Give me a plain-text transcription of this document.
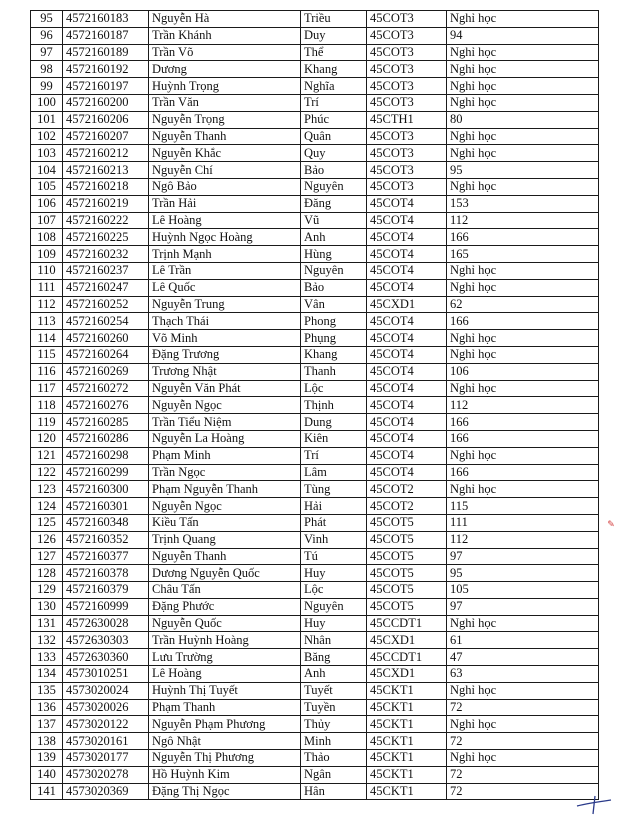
95	4572160183	Nguyễn Hà	Triều	45COT3	Nghỉ học
96	4572160187	Trần Khánh	Duy	45COT3	94
97	4572160189	Trần Võ	Thể	45COT3	Nghỉ học
98	4572160192	Dương	Khang	45COT3	Nghỉ học
99	4572160197	Huỳnh Trọng	Nghĩa	45COT3	Nghỉ học
100	4572160200	Trần Văn	Trí	45COT3	Nghỉ học
101	4572160206	Nguyễn Trọng	Phúc	45CTH1	80
102	4572160207	Nguyễn Thanh	Quân	45COT3	Nghỉ học
103	4572160212	Nguyễn Khắc	Quy	45COT3	Nghỉ học
104	4572160213	Nguyễn Chí	Bảo	45COT3	95
105	4572160218	Ngô Bảo	Nguyên	45COT3	Nghỉ học
106	4572160219	Trần Hải	Đăng	45COT4	153
107	4572160222	Lê Hoàng	Vũ	45COT4	112
108	4572160225	Huỳnh Ngọc Hoàng	Anh	45COT4	166
109	4572160232	Trịnh Mạnh	Hùng	45COT4	165
110	4572160237	Lê Trần	Nguyên	45COT4	Nghỉ học
111	4572160247	Lê Quốc	Bảo	45COT4	Nghỉ học
112	4572160252	Nguyễn Trung	Vân	45CXD1	62
113	4572160254	Thạch Thái	Phong	45COT4	166
114	4572160260	Võ Minh	Phụng	45COT4	Nghỉ học
115	4572160264	Đặng Trương	Khang	45COT4	Nghỉ học
116	4572160269	Trương Nhật	Thanh	45COT4	106
117	4572160272	Nguyễn Văn Phát	Lộc	45COT4	Nghỉ học
118	4572160276	Nguyễn Ngọc	Thịnh	45COT4	112
119	4572160285	Trần Tiểu Niệm	Dung	45COT4	166
120	4572160286	Nguyễn La Hoàng	Kiên	45COT4	166
121	4572160298	Phạm Minh	Trí	45COT4	Nghỉ học
122	4572160299	Trần Ngọc	Lâm	45COT4	166
123	4572160300	Phạm Nguyễn Thanh	Tùng	45COT2	Nghỉ học
124	4572160301	Nguyễn Ngọc	Hải	45COT2	115
125	4572160348	Kiều Tấn	Phát	45COT5	111
126	4572160352	Trịnh Quang	Vinh	45COT5	112
127	4572160377	Nguyễn Thanh	Tú	45COT5	97
128	4572160378	Dương Nguyễn Quốc	Huy	45COT5	95
129	4572160379	Châu Tấn	Lộc	45COT5	105
130	4572160999	Đặng Phước	Nguyên	45COT5	97
131	4572630028	Nguyễn Quốc	Huy	45CCDT1	Nghỉ học
132	4572630303	Trần Huỳnh Hoàng	Nhân	45CXD1	61
133	4572630360	Lưu Trường	Băng	45CCDT1	47
134	4573010251	Lê Hoàng	Anh	45CXD1	63
135	4573020024	Huỳnh Thị Tuyết	Tuyết	45CKT1	Nghỉ học
136	4573020026	Phạm Thanh	Tuyền	45CKT1	72
137	4573020122	Nguyễn Phạm Phương	Thủy	45CKT1	Nghỉ học
138	4573020161	Ngô Nhật	Minh	45CKT1	72
139	4573020177	Nguyễn Thị Phương	Thảo	45CKT1	Nghỉ học
140	4573020278	Hồ Huỳnh Kim	Ngân	45CKT1	72
141	4573020369	Đặng Thị Ngọc	Hân	45CKT1	72
✎
